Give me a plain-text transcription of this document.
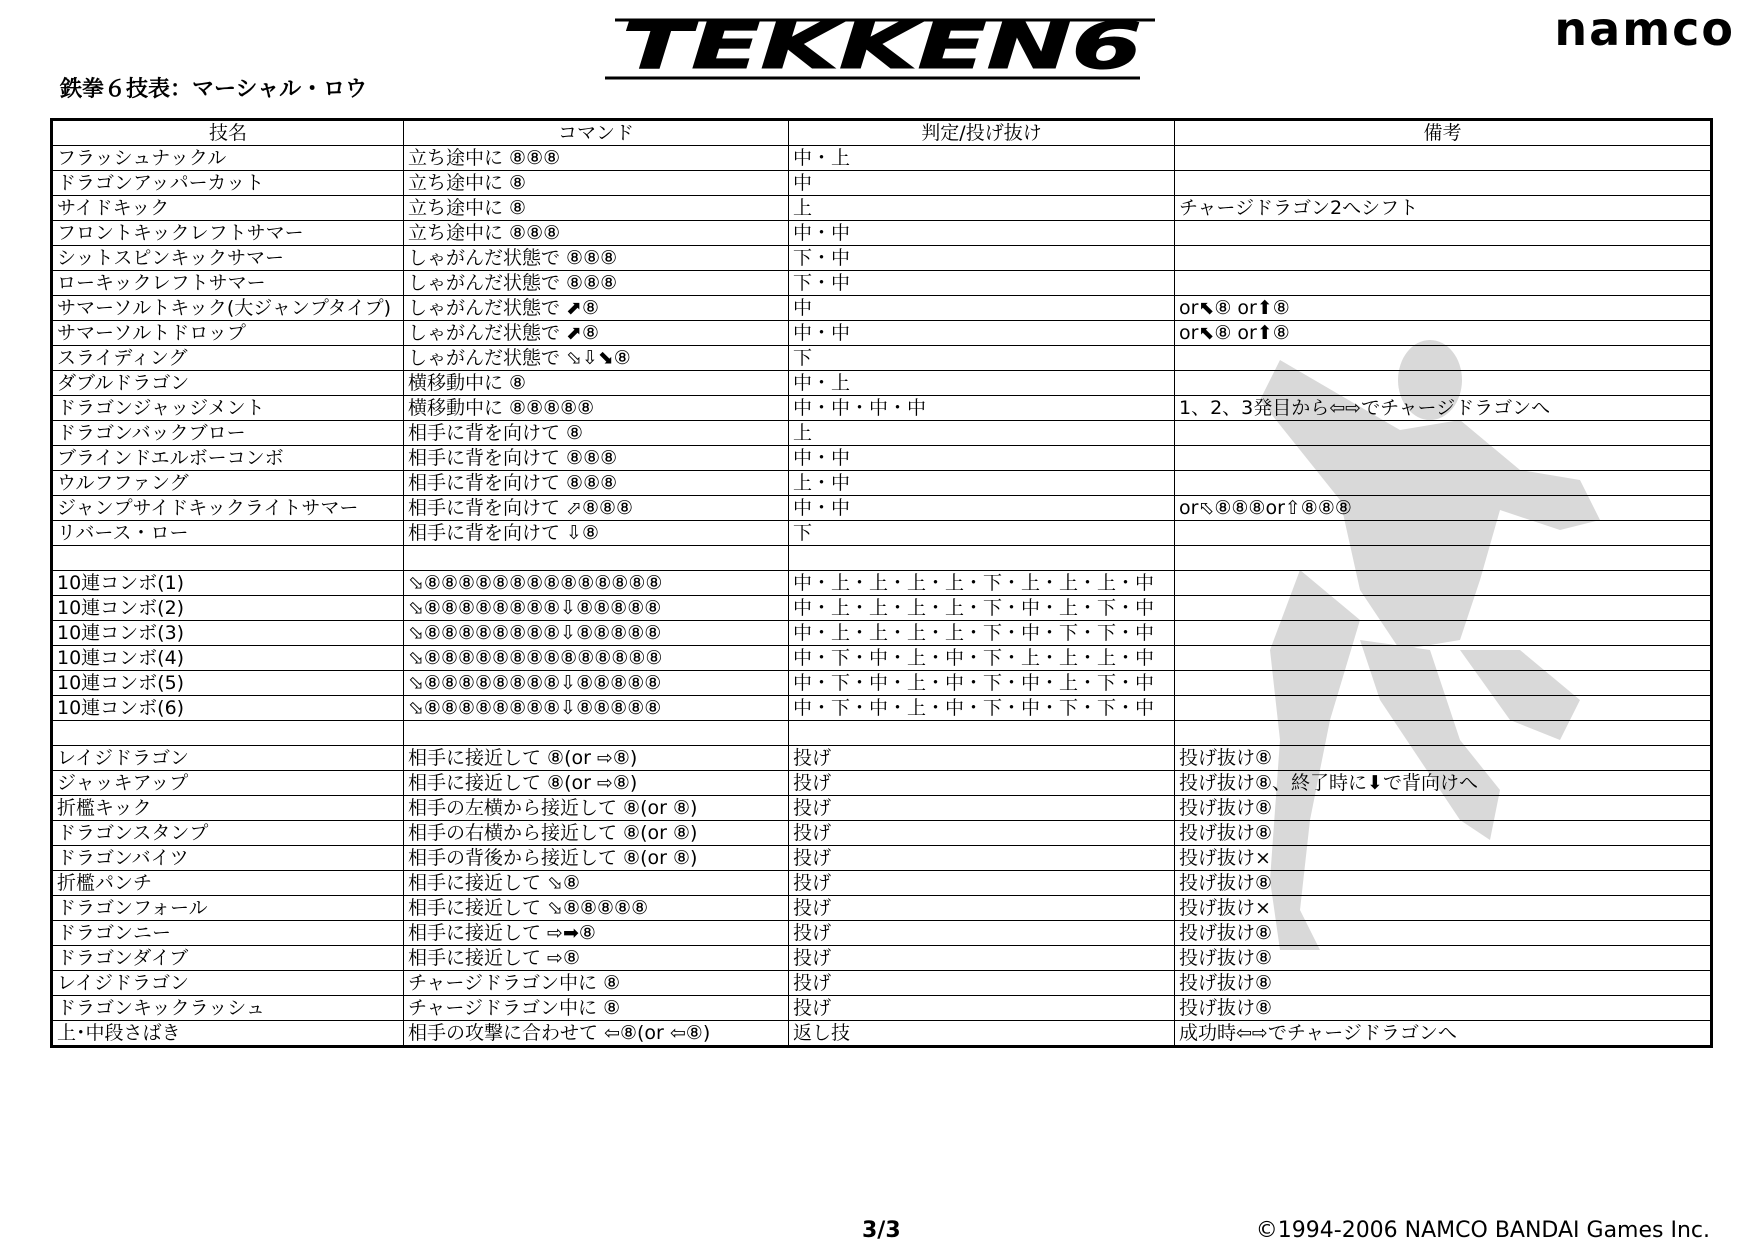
TEKKEN6	namco
鉄拳６技表：マーシャル・ロウ
技名	コマンド	判定/投げ抜け	備考
フラッシュナックル	立ち途中に ⑧⑧⑧	中・上	
ドラゴンアッパーカット	立ち途中に ⑧	中	
サイドキック	立ち途中に ⑧	上	チャージドラゴン2へシフト
フロントキックレフトサマー	立ち途中に ⑧⑧⑧	中・中	
シットスピンキックサマー	しゃがんだ状態で ⑧⑧⑧	下・中	
ローキックレフトサマー	しゃがんだ状態で ⑧⑧⑧	下・中	
サマーソルトキック(大ジャンプタイプ)	しゃがんだ状態で ⬈⑧	中	or⬉⑧ or⬆⑧
サマーソルトドロップ	しゃがんだ状態で ⬈⑧	中・中	or⬉⑧ or⬆⑧
スライディング	しゃがんだ状態で ⬂⇩⬊⑧	下	
ダブルドラゴン	横移動中に ⑧	中・上	
ドラゴンジャッジメント	横移動中に ⑧⑧⑧⑧⑧	中・中・中・中	1、2、3発目から⇦⇨でチャージドラゴンへ
ドラゴンバックブロー	相手に背を向けて ⑧	上	
ブラインドエルボーコンボ	相手に背を向けて ⑧⑧⑧	中・中	
ウルフファング	相手に背を向けて ⑧⑧⑧	上・中	
ジャンプサイドキックライトサマー	相手に背を向けて ⬀⑧⑧⑧	中・中	or⬁⑧⑧⑧or⇧⑧⑧⑧
リバース・ロー	相手に背を向けて ⇩⑧	下	

10連コンボ(1)	⬂⑧⑧⑧⑧⑧⑧⑧⑧⑧⑧⑧⑧⑧⑧	中・上・上・上・上・下・上・上・上・中	
10連コンボ(2)	⬂⑧⑧⑧⑧⑧⑧⑧⑧⇩⑧⑧⑧⑧⑧	中・上・上・上・上・下・中・上・下・中	
10連コンボ(3)	⬂⑧⑧⑧⑧⑧⑧⑧⑧⇩⑧⑧⑧⑧⑧	中・上・上・上・上・下・中・下・下・中	
10連コンボ(4)	⬂⑧⑧⑧⑧⑧⑧⑧⑧⑧⑧⑧⑧⑧⑧	中・下・中・上・中・下・上・上・上・中	
10連コンボ(5)	⬂⑧⑧⑧⑧⑧⑧⑧⑧⇩⑧⑧⑧⑧⑧	中・下・中・上・中・下・中・上・下・中	
10連コンボ(6)	⬂⑧⑧⑧⑧⑧⑧⑧⑧⇩⑧⑧⑧⑧⑧	中・下・中・上・中・下・中・下・下・中	

レイジドラゴン	相手に接近して ⑧(or ⇨⑧)	投げ	投げ抜け⑧
ジャッキアップ	相手に接近して ⑧(or ⇨⑧)	投げ	投げ抜け⑧、終了時に⬇で背向けへ
折檻キック	相手の左横から接近して ⑧(or ⑧)	投げ	投げ抜け⑧
ドラゴンスタンプ	相手の右横から接近して ⑧(or ⑧)	投げ	投げ抜け⑧
ドラゴンバイツ	相手の背後から接近して ⑧(or ⑧)	投げ	投げ抜け×
折檻パンチ	相手に接近して ⬂⑧	投げ	投げ抜け⑧
ドラゴンフォール	相手に接近して ⬂⑧⑧⑧⑧⑧	投げ	投げ抜け×
ドラゴンニー	相手に接近して ⇨➡⑧	投げ	投げ抜け⑧
ドラゴンダイブ	相手に接近して ⇨⑧	投げ	投げ抜け⑧
レイジドラゴン	チャージドラゴン中に ⑧	投げ	投げ抜け⑧
ドラゴンキックラッシュ	チャージドラゴン中に ⑧	投げ	投げ抜け⑧
上･中段さばき	相手の攻撃に合わせて ⇦⑧(or ⇦⑧)	返し技	成功時⇦⇨でチャージドラゴンへ
3/3	©1994-2006 NAMCO BANDAI Games Inc.
